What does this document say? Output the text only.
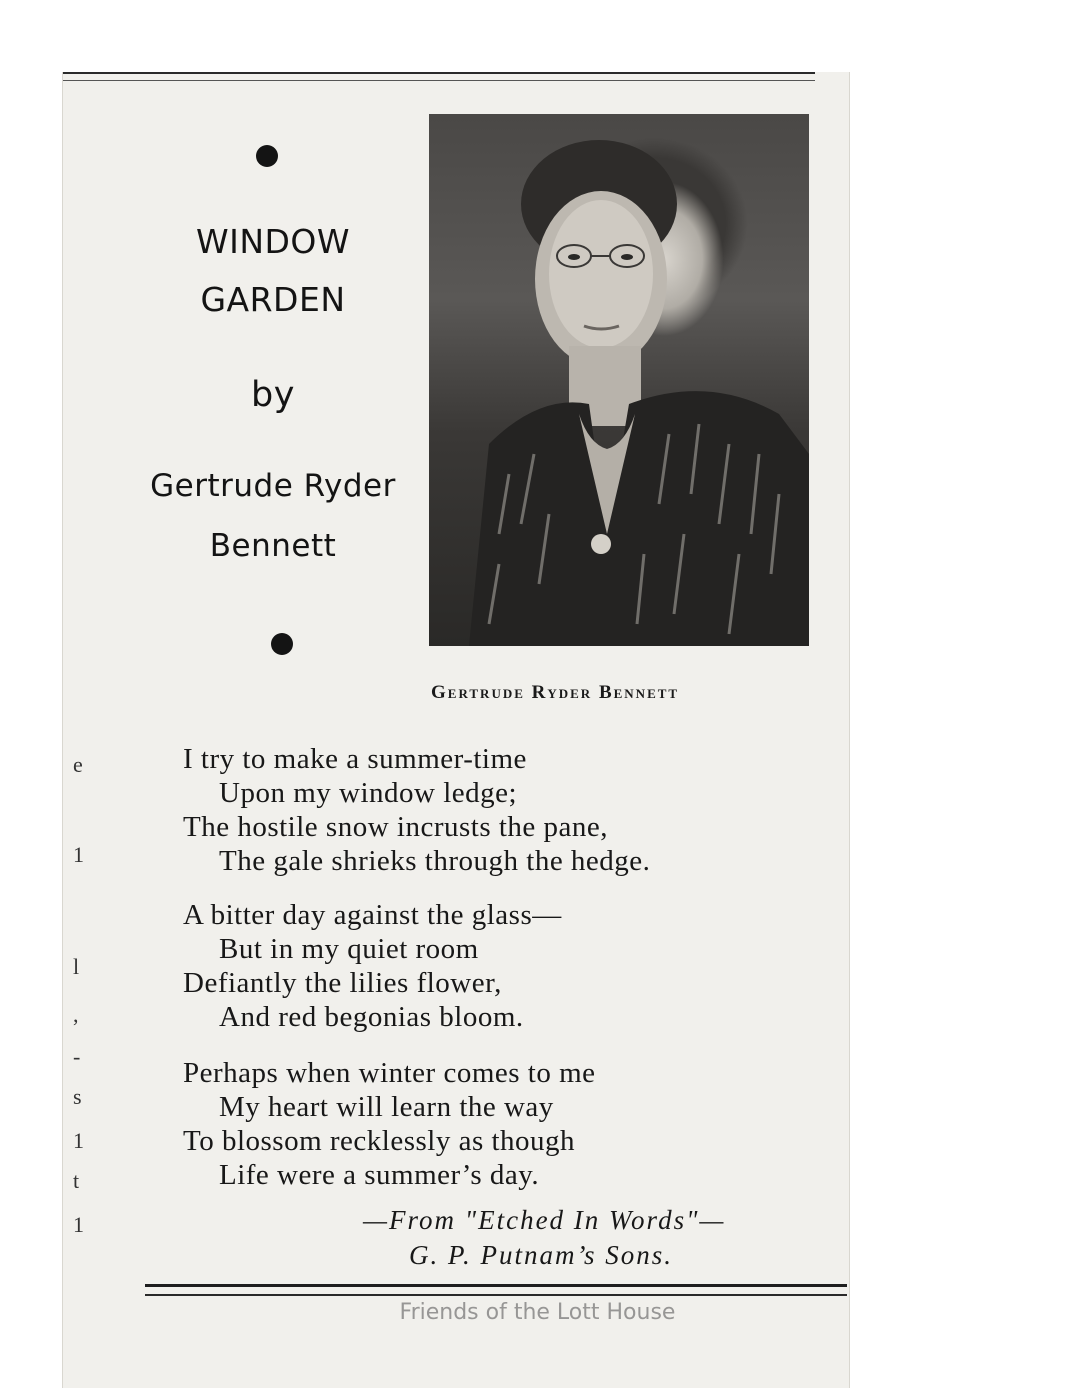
WINDOW
GARDEN
by
Gertrude Ryder
Bennett
Gertrude Ryder Bennett
I try to make a summer-time
Upon my window ledge;
The hostile snow incrusts the pane,
The gale shrieks through the hedge.
A bitter day against the glass—
But in my quiet room
Defiantly the lilies flower,
And red begonias bloom.
Perhaps when winter comes to me
My heart will learn the way
To blossom recklessly as though
Life were a summer’s day.
—From "Etched In Words"—
G. P. Putnam’s Sons.
e
1
l
,
-
s
1
t
1
Friends of the Lott House
